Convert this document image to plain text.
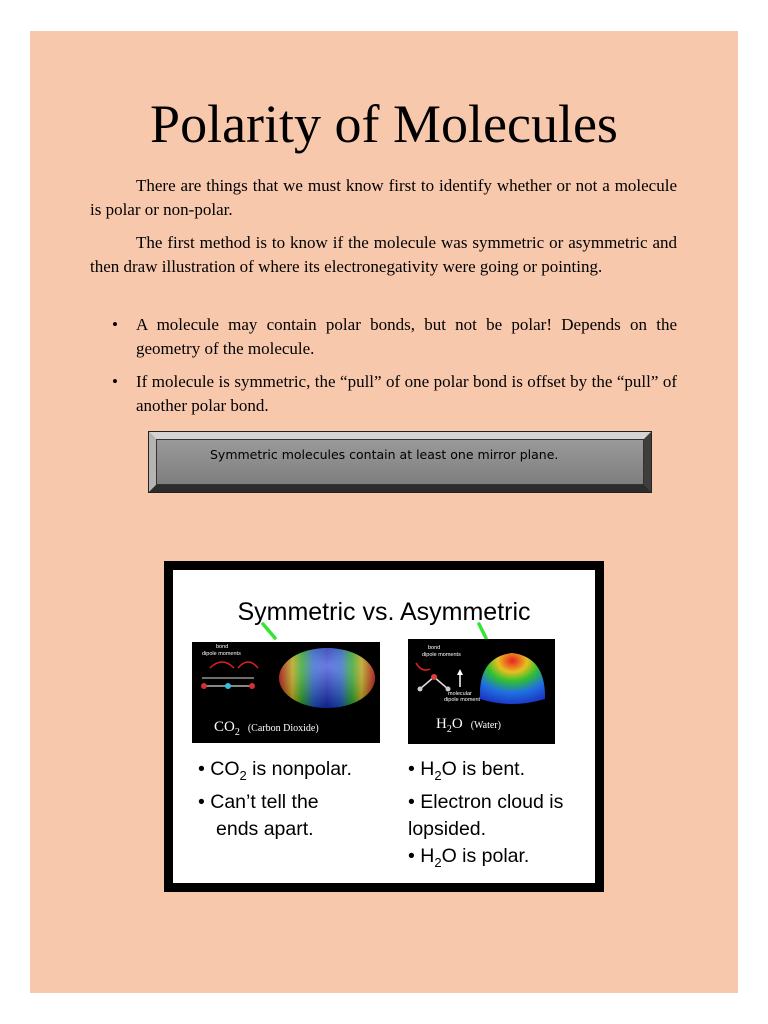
Polarity of Molecules

There are things that we must know first to identify whether or not a molecule is polar or non-polar.

The first method is to know if the molecule was symmetric or asymmetric and then draw illustration of where its electronegativity were going or pointing.

• A molecule may contain polar bonds, but not be polar! Depends on the geometry of the molecule.
• If molecule is symmetric, the “pull” of one polar bond is offset by the “pull” of another polar bond.
Symmetric molecules contain at least one mirror plane.
Symmetric vs. Asymmetric
bond
dipole moments
$CO_2$ (Carbon Dioxide)
bond
dipole moments
molecular
dipole moment
$H_2O$ (Water)
• $CO_2$ is nonpolar.
• Can’t tell the
ends apart.
• $H_2O$ is bent.
• Electron cloud is
lopsided.
• $H_2O$ is polar.
